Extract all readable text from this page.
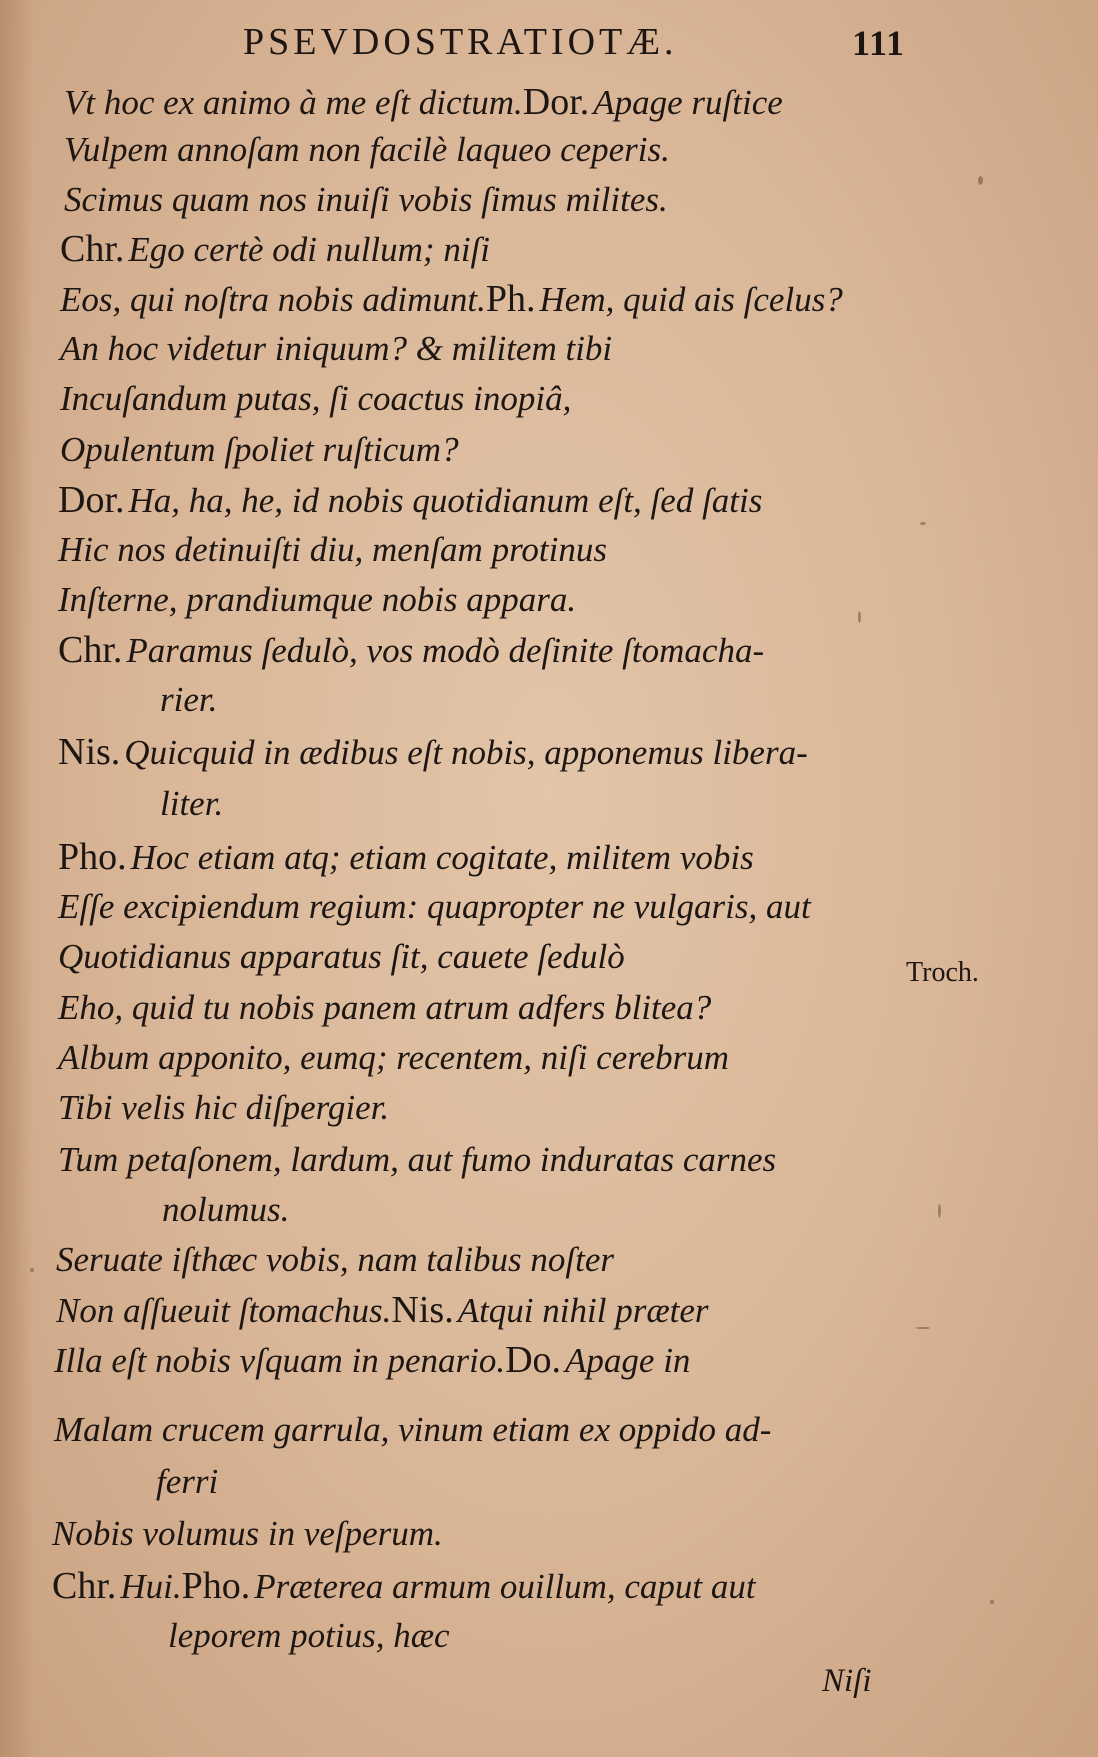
PSEVDOSTRATIOTÆ.	111

Vt hoc ex animo à me eſt dictum.Dor. Apage ruſtice

Vulpem annoſam non facilè laqueo ceperis.

Scimus quam nos inuiſi vobis ſimus milites.

Chr. Ego certè odi nullum; niſi

Eos, qui noſtra nobis adimunt.Ph. Hem, quid ais ſcelus?

An hoc videtur iniquum? & militem tibi

Incuſandum putas, ſi coactus inopiâ,

Opulentum ſpoliet ruſticum?

Dor. Ha, ha, he, id nobis quotidianum eſt, ſed ſatis

Hic nos detinuiſti diu, menſam protinus

Inſterne, prandiumque nobis appara.

Chr. Paramus ſedulò, vos modò deſinite ſtomacha-

rier.

Nis. Quicquid in ædibus eſt nobis, apponemus libera-

liter.

Pho. Hoc etiam atq; etiam cogitate, militem vobis

Eſſe excipiendum regium: quapropter ne vulgaris, aut

Quotidianus apparatus ſit, cauete ſedulò

Eho, quid tu nobis panem atrum adfers blitea?

Album apponito, eumq; recentem, niſi cerebrum

Tibi velis hic diſpergier.

Tum petaſonem, lardum, aut fumo induratas carnes

nolumus.

Seruate iſthæc vobis, nam talibus noſter

Non aſſueuit ſtomachus.Nis. Atqui nihil præter

Illa eſt nobis vſquam in penario.Do. Apage in

Malam crucem garrula, vinum etiam ex oppido ad-

ferri

Nobis volumus in veſperum.

Chr. Hui.Pho. Præterea armum ouillum, caput aut

leporem potius, hæc

Troch.
Niſi
